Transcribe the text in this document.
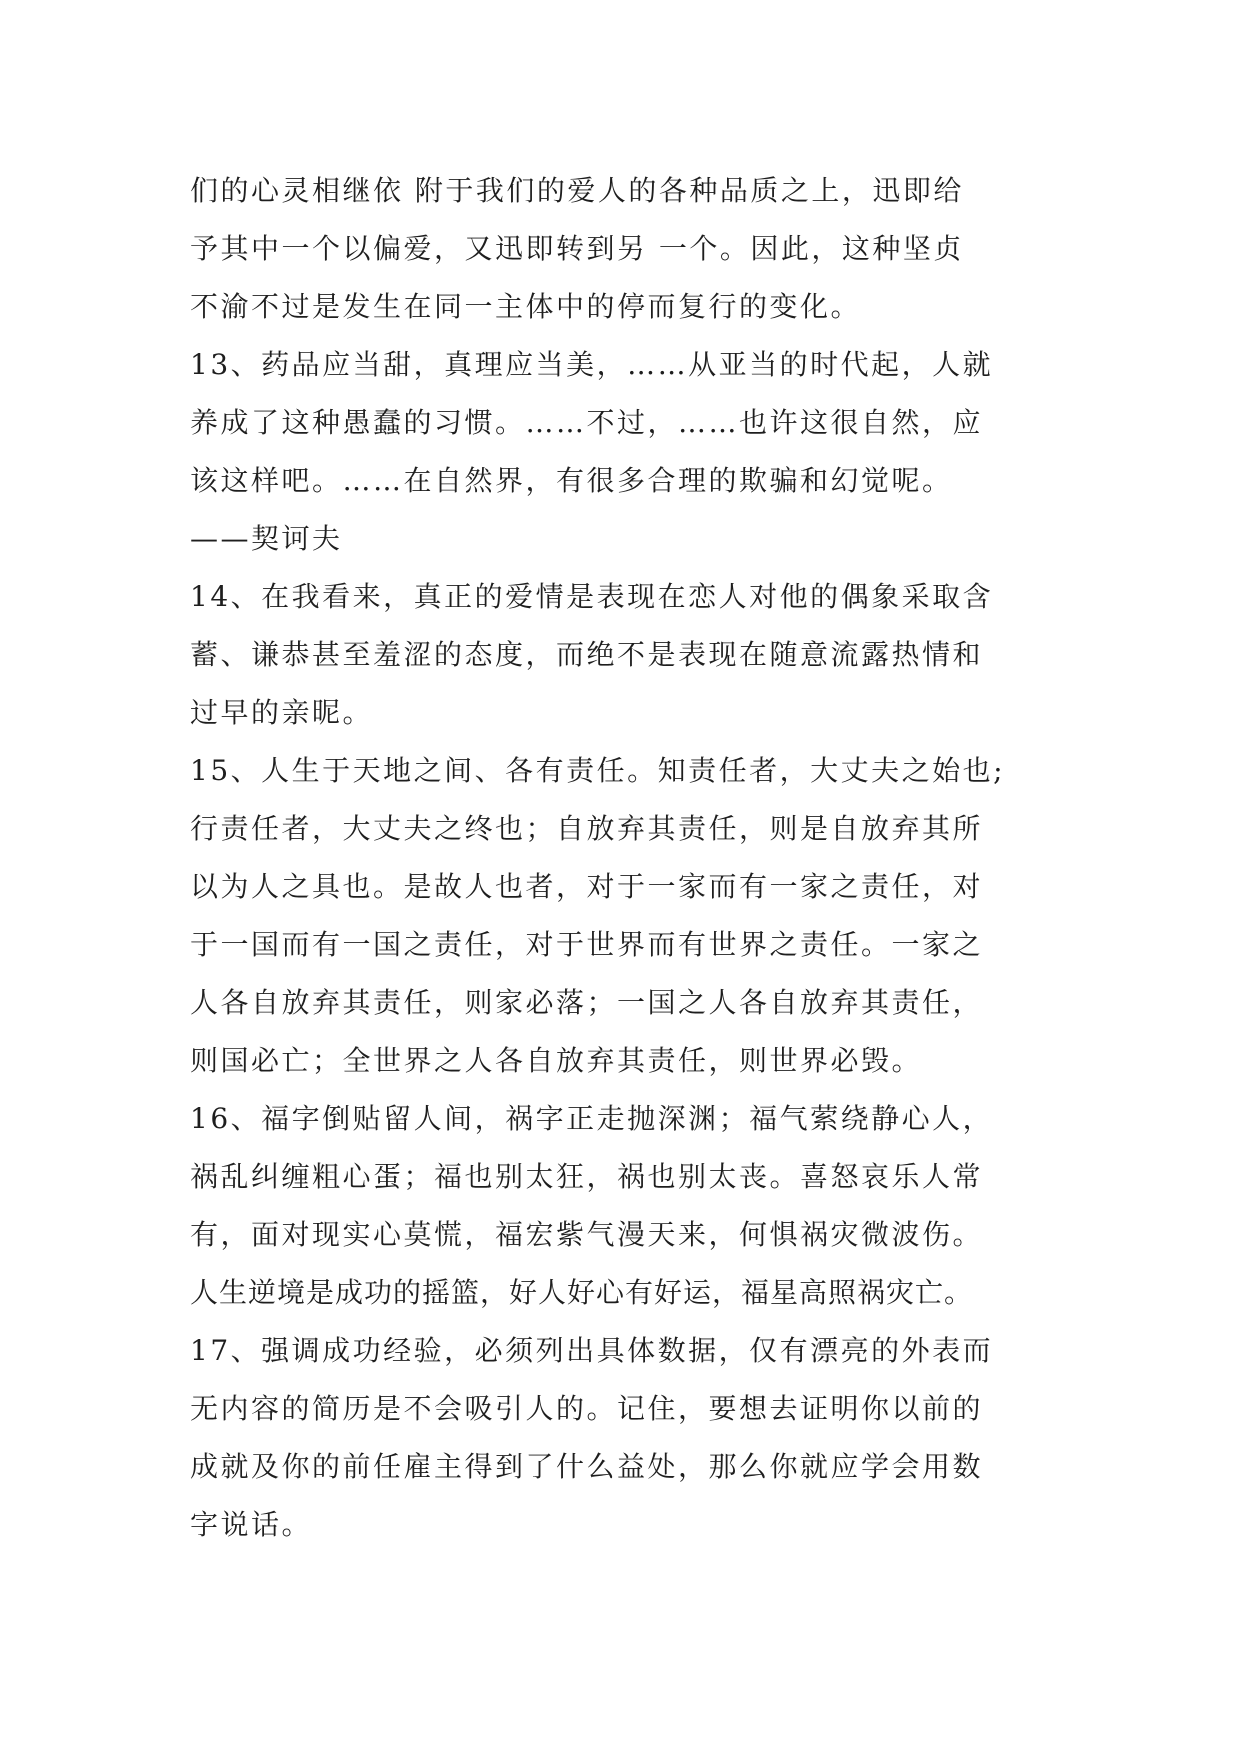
们的心灵相继依 附于我们的爱人的各种品质之上，迅即给
予其中一个以偏爱，又迅即转到另 一个。因此，这种坚贞
不渝不过是发生在同一主体中的停而复行的变化。
13、药品应当甜，真理应当美，……从亚当的时代起，人就
养成了这种愚蠢的习惯。……不过，……也许这很自然，应
该这样吧。……在自然界，有很多合理的欺骗和幻觉呢。
——契诃夫
14、在我看来，真正的爱情是表现在恋人对他的偶象采取含
蓄、谦恭甚至羞涩的态度，而绝不是表现在随意流露热情和
过早的亲昵。
15、人生于天地之间、各有责任。知责任者，大丈夫之始也;
行责任者，大丈夫之终也；自放弃其责任，则是自放弃其所
以为人之具也。是故人也者，对于一家而有一家之责任，对
于一国而有一国之责任，对于世界而有世界之责任。一家之
人各自放弃其责任，则家必落；一国之人各自放弃其责任，
则国必亡；全世界之人各自放弃其责任，则世界必毁。
16、福字倒贴留人间，祸字正走抛深渊；福气萦绕静心人，
祸乱纠缠粗心蛋；福也别太狂，祸也别太丧。喜怒哀乐人常
有，面对现实心莫慌，福宏紫气漫天来，何惧祸灾微波伤。
人生逆境是成功的摇篮，好人好心有好运，福星高照祸灾亡。
17、强调成功经验，必须列出具体数据，仅有漂亮的外表而
无内容的简历是不会吸引人的。记住，要想去证明你以前的
成就及你的前任雇主得到了什么益处，那么你就应学会用数
字说话。
